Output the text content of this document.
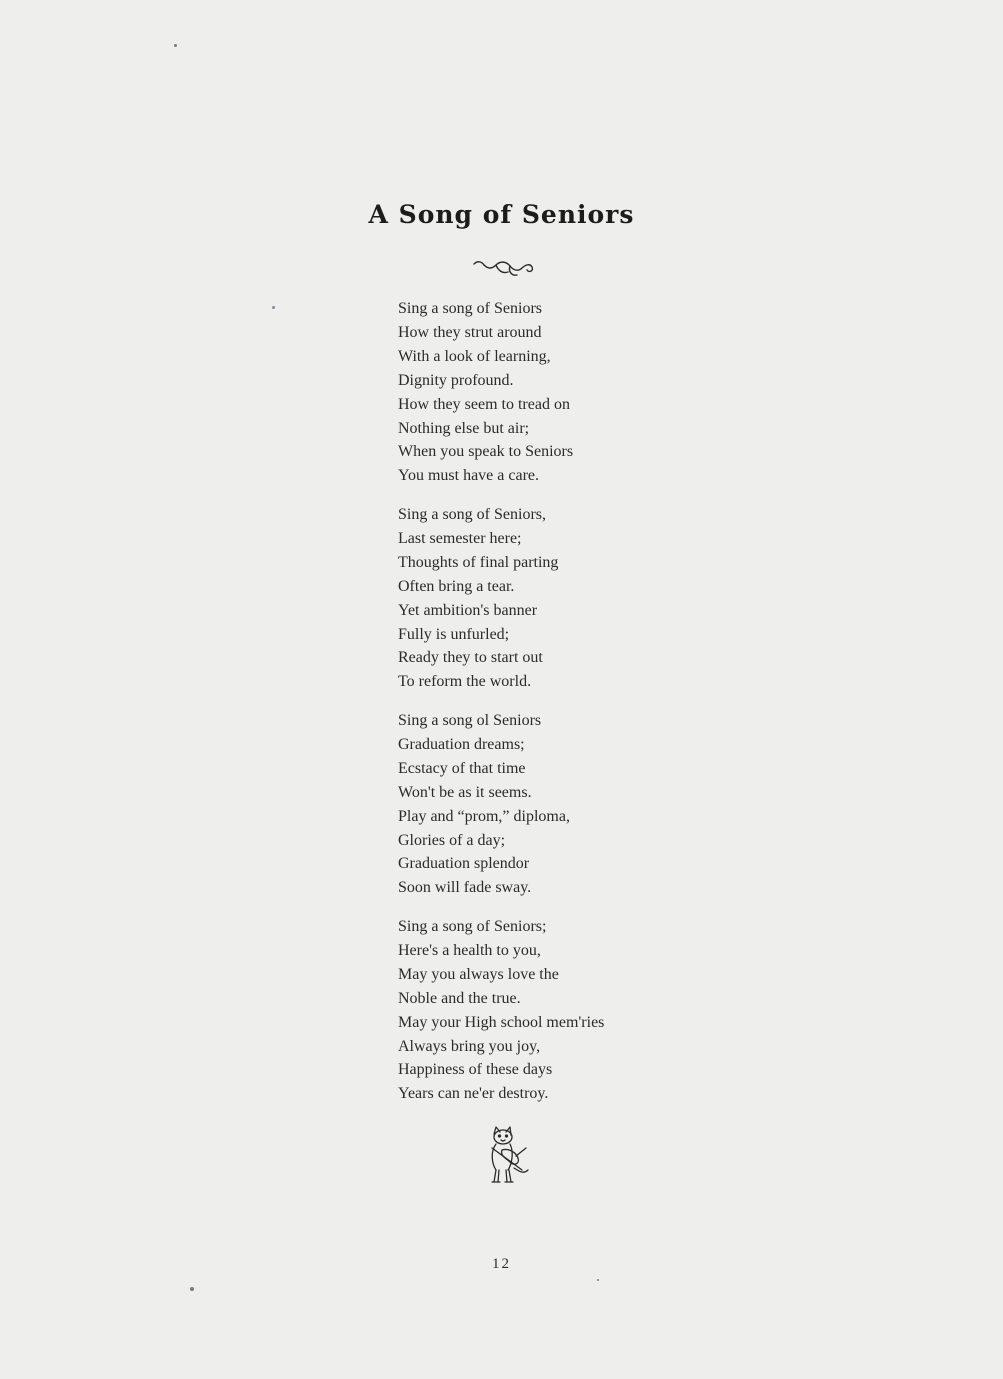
A Song of Seniors
Sing a song of Seniors
How they strut around
With a look of learning,
Dignity profound.
How they seem to tread on
Nothing else but air;
When you speak to Seniors
You must have a care.
Sing a song of Seniors,
Last semester here;
Thoughts of final parting
Often bring a tear.
Yet ambition's banner
Fully is unfurled;
Ready they to start out
To reform the world.
Sing a song ol Seniors
Graduation dreams;
Ecstacy of that time
Won't be as it seems.
Play and “prom,” diploma,
Glories of a day;
Graduation splendor
Soon will fade sway.
Sing a song of Seniors;
Here's a health to you,
May you always love the
Noble and the true.
May your High school mem'ries
Always bring you joy,
Happiness of these days
Years can ne'er destroy.
12
